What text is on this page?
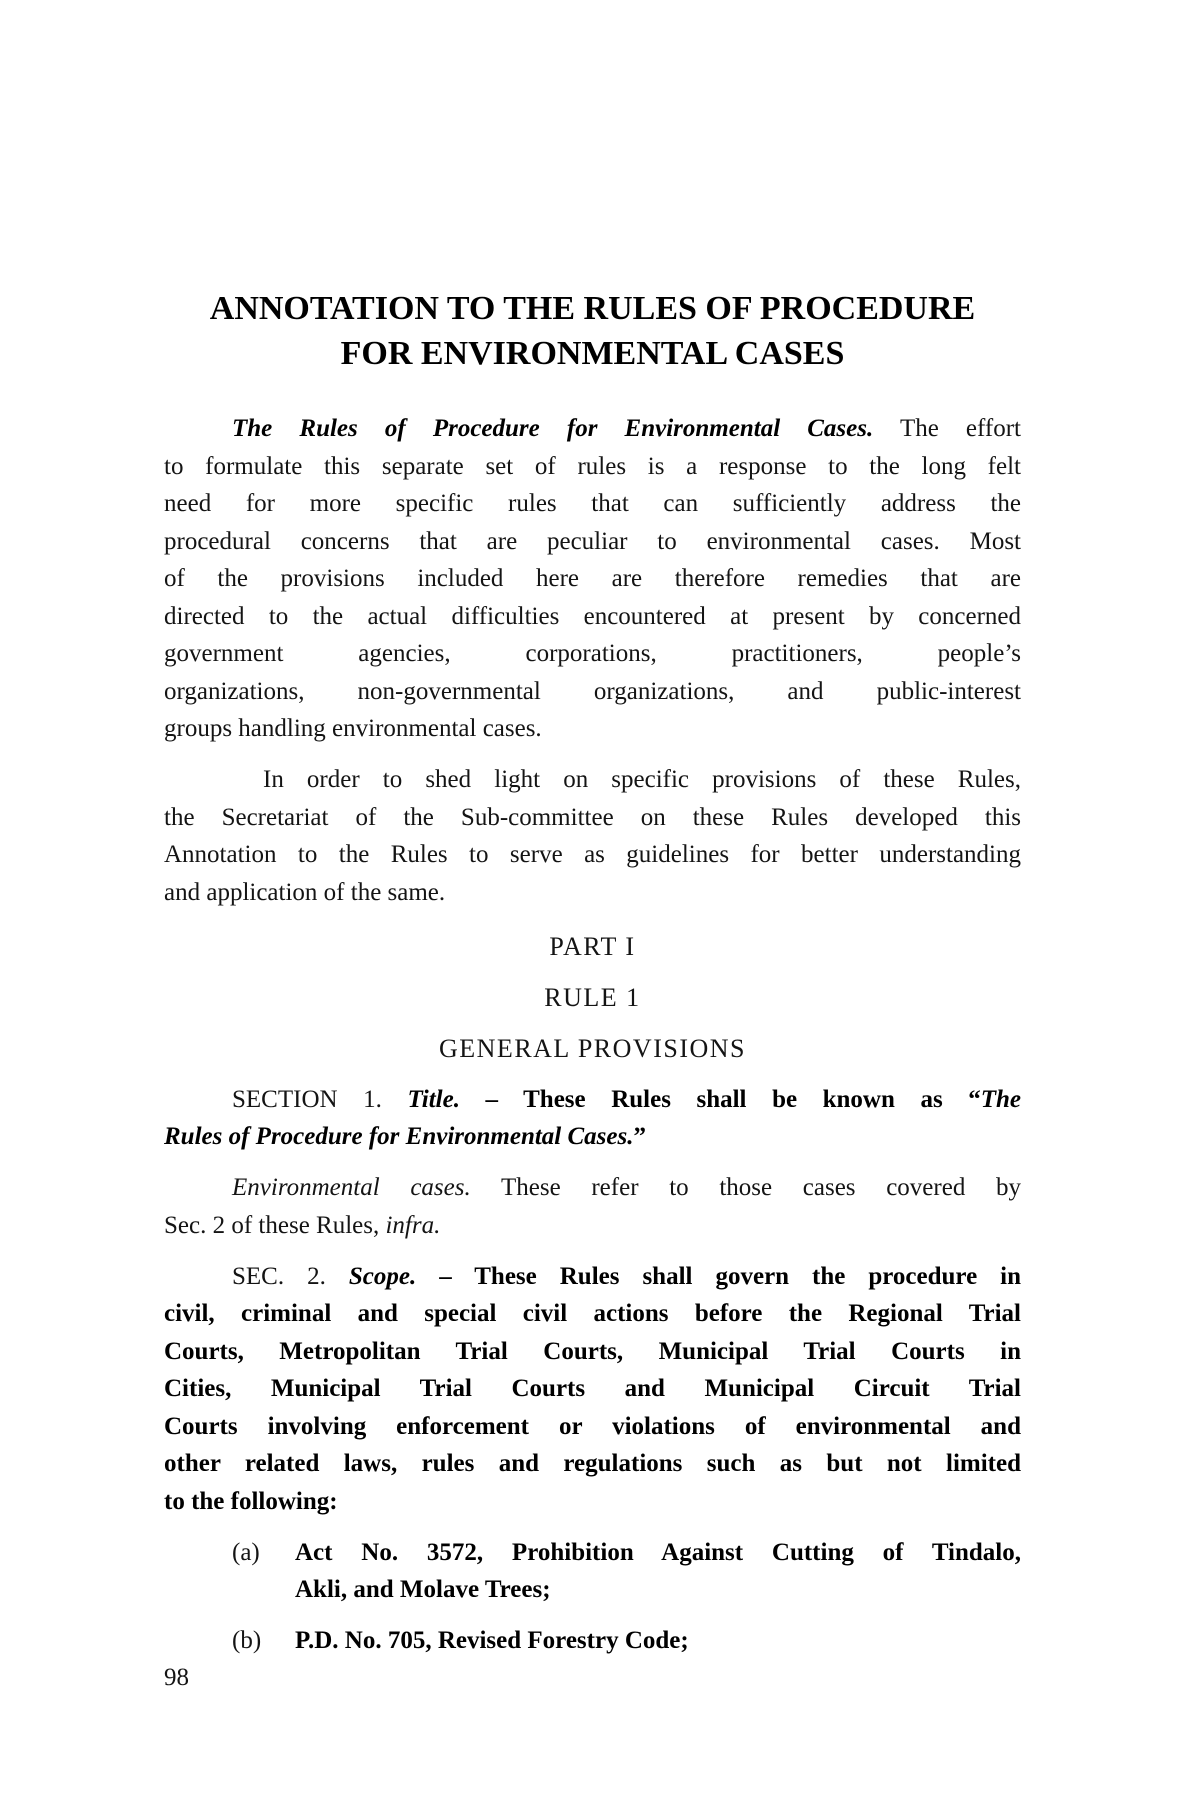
ANNOTATION TO THE RULES OF PROCEDURE
FOR ENVIRONMENTAL CASES
The Rules of Procedure for Environmental Cases. The effort
to formulate this separate set of rules is a response to the long felt
need for more specific rules that can sufficiently address the
procedural concerns that are peculiar to environmental cases. Most
of the provisions included here are therefore remedies that are
directed to the actual difficulties encountered at present by concerned
government agencies, corporations, practitioners, people’s
organizations, non-governmental organizations, and public-interest
groups handling environmental cases.
In order to shed light on specific provisions of these Rules,
the Secretariat of the Sub-committee on these Rules developed this
Annotation to the Rules to serve as guidelines for better understanding
and application of the same.
PART I
RULE 1
GENERAL PROVISIONS
SECTION 1. Title. – These Rules shall be known as “The
Rules of Procedure for Environmental Cases.”
Environmental cases. These refer to those cases covered by
Sec. 2 of these Rules, infra.
SEC. 2. Scope. – These Rules shall govern the procedure in
civil, criminal and special civil actions before the Regional Trial
Courts, Metropolitan Trial Courts, Municipal Trial Courts in
Cities, Municipal Trial Courts and Municipal Circuit Trial
Courts involving enforcement or violations of environmental and
other related laws, rules and regulations such as but not limited
to the following:
(a) Act No. 3572, Prohibition Against Cutting of Tindalo,
Akli, and Molave Trees;
(b) P.D. No. 705, Revised Forestry Code;
98
